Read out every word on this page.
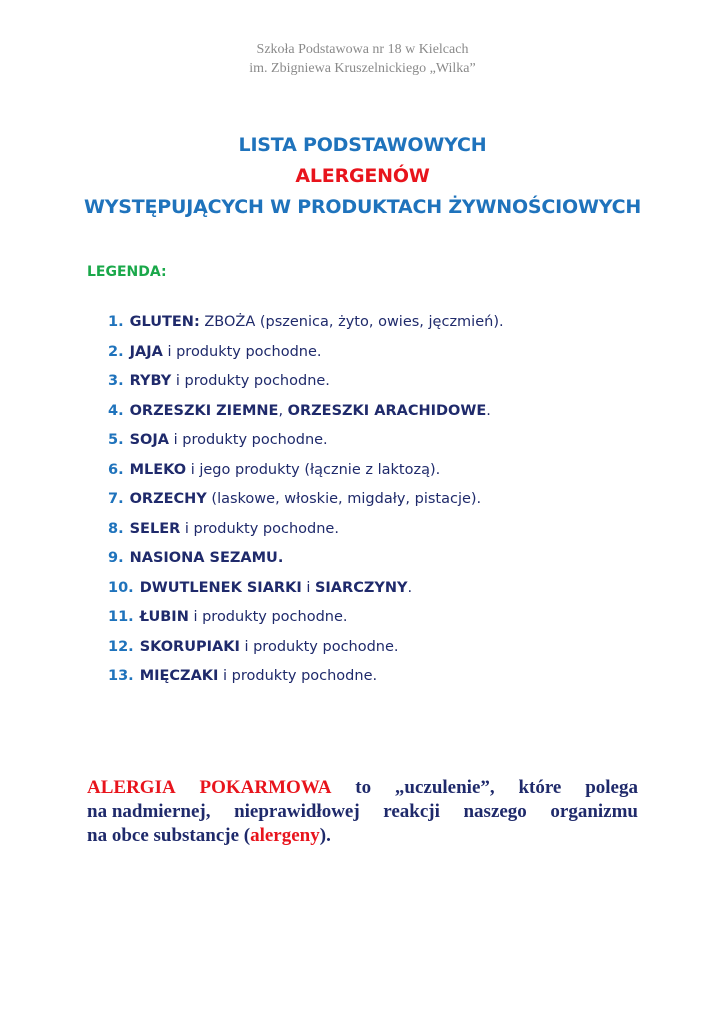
Szkoła Podstawowa nr 18 w Kielcach
im. Zbigniewa Kruszelnickiego „Wilka”
LISTA PODSTAWOWYCH
ALERGENÓW
WYSTĘPUJĄCYCH W PRODUKTACH ŻYWNOŚCIOWYCH
LEGENDA:
1. GLUTEN: ZBOŻA (pszenica, żyto, owies, jęczmień).
2. JAJA i produkty pochodne.
3. RYBY i produkty pochodne.
4. ORZESZKI ZIEMNE, ORZESZKI ARACHIDOWE.
5. SOJA i produkty pochodne.
6. MLEKO i jego produkty (łącznie z laktozą).
7. ORZECHY (laskowe, włoskie, migdały, pistacje).
8. SELER i produkty pochodne.
9. NASIONA SEZAMU.
10. DWUTLENEK SIARKI i SIARCZYNY.
11. ŁUBIN i produkty pochodne.
12. SKORUPIAKI i produkty pochodne.
13. MIĘCZAKI i produkty pochodne.
ALERGIA POKARMOWA to „uczulenie”, które polega
na nadmiernej, nieprawidłowej reakcji naszego organizmu
na obce substancje (alergeny).
